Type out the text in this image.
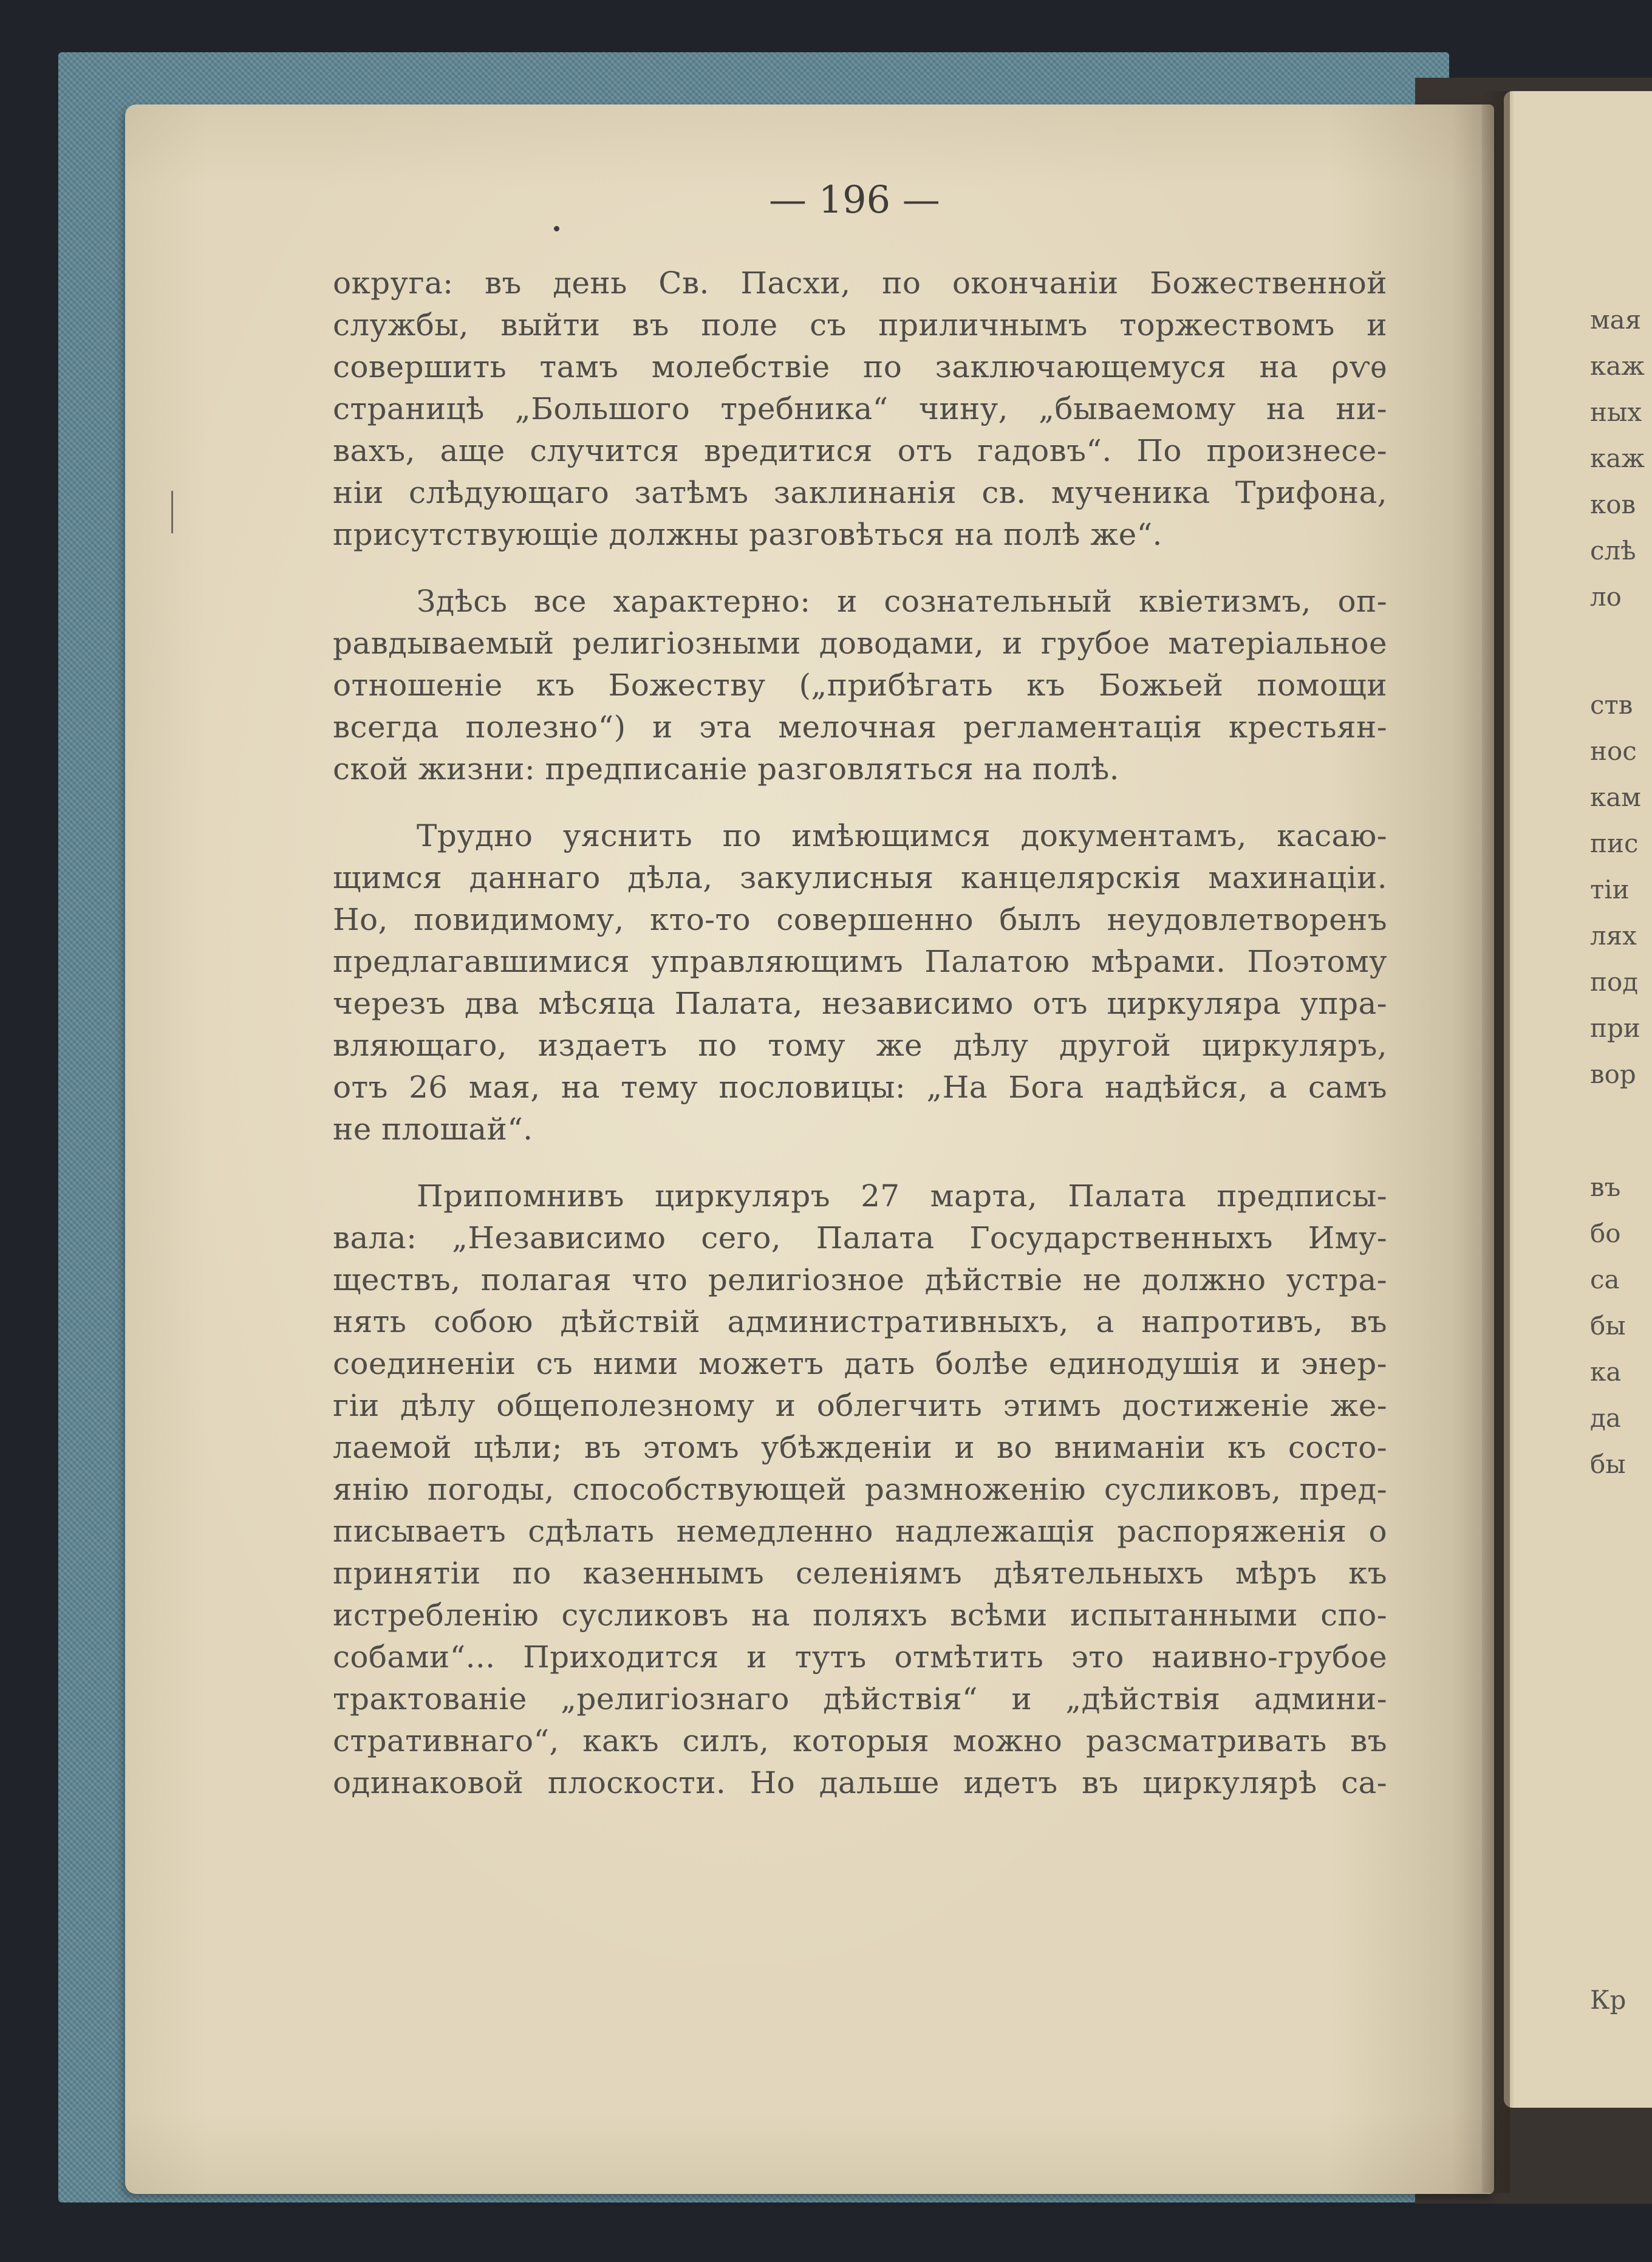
мая
каж
ных
каж
ков
слѣ
ло
ств
нос
кам
пис
тіи
лях
под
при
вор
въ
бо
са
бы
ка
да
бы
Кр
— 196 —
округа: въ день Св. Пасхи, по окончаніи Божественной
службы, выйти въ поле съ приличнымъ торжествомъ и
совершить тамъ молебствіе по заключающемуся на ρѵѳ
страницѣ „Большого требника“ чину, „бываемому на ни-
вахъ, аще случится вредитися отъ гадовъ“. По произнесе-
ніи слѣдующаго затѣмъ заклинанія св. мученика Трифона,
присутствующіе должны разговѣться на полѣ же“.
Здѣсь все характерно: и сознательный квіетизмъ, оп-
равдываемый религіозными доводами, и грубое матеріальное
отношеніе къ Божеству („прибѣгать къ Божьей помощи
всегда полезно“) и эта мелочная регламентація крестьян-
ской жизни: предписаніе разговляться на полѣ.
Трудно уяснить по имѣющимся документамъ, касаю-
щимся даннаго дѣла, закулисныя канцелярскія махинаціи.
Но, повидимому, кто-то совершенно былъ неудовлетворенъ
предлагавшимися управляющимъ Палатою мѣрами. Поэтому
черезъ два мѣсяца Палата, независимо отъ циркуляра упра-
вляющаго, издаетъ по тому же дѣлу другой циркуляръ,
отъ 26 мая, на тему пословицы: „На Бога надѣйся, а самъ
не плошай“.
Припомнивъ циркуляръ 27 марта, Палата предписы-
вала: „Независимо сего, Палата Государственныхъ Иму-
ществъ, полагая что религіозное дѣйствіе не должно устра-
нять собою дѣйствій административныхъ, а напротивъ, въ
соединеніи съ ними можетъ дать болѣе единодушія и энер-
гіи дѣлу общеполезному и облегчить этимъ достиженіе же-
лаемой цѣли; въ этомъ убѣжденіи и во вниманіи къ состо-
янію погоды, способствующей размноженію сусликовъ, пред-
писываетъ сдѣлать немедленно надлежащія распоряженія о
принятіи по казеннымъ селеніямъ дѣятельныхъ мѣръ къ
истребленію сусликовъ на поляхъ всѣми испытанными спо-
собами“... Приходится и тутъ отмѣтить это наивно-грубое
трактованіе „религіознаго дѣйствія“ и „дѣйствія админи-
стративнаго“, какъ силъ, которыя можно разсматривать въ
одинаковой плоскости. Но дальше идетъ въ циркулярѣ са-
